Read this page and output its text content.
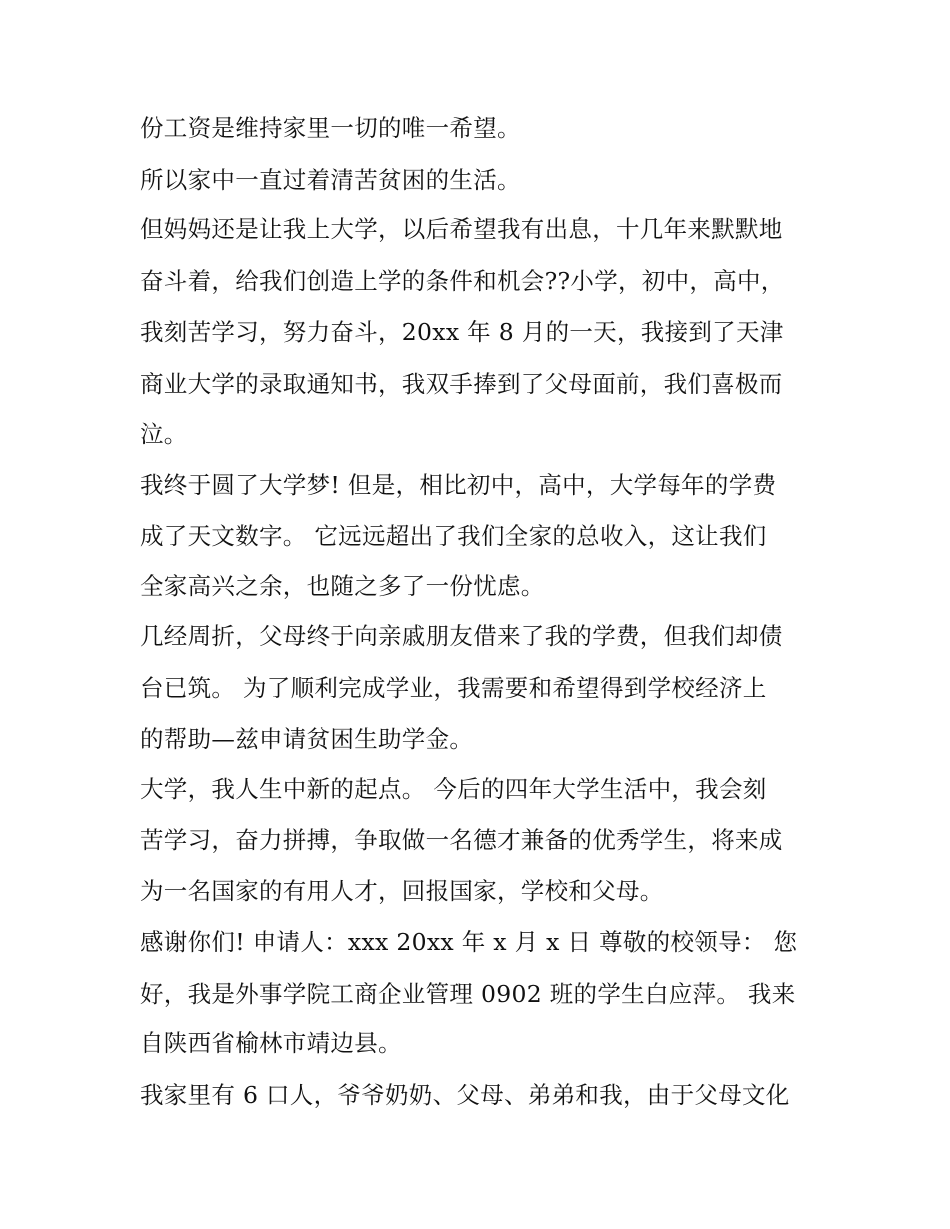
份工资是维持家里一切的唯一希望。
所以家中一直过着清苦贫困的生活。
但妈妈还是让我上大学，以后希望我有出息，十几年来默默地
奋斗着，给我们创造上学的条件和机会??小学，初中，高中，
我刻苦学习，努力奋斗，20xx 年 8 月的一天，我接到了天津
商业大学的录取通知书，我双手捧到了父母面前，我们喜极而
泣。
我终于圆了大学梦! 但是，相比初中，高中，大学每年的学费
成了天文数字。 它远远超出了我们全家的总收入，这让我们
全家高兴之余，也随之多了一份忧虑。
几经周折，父母终于向亲戚朋友借来了我的学费，但我们却债
台已筑。 为了顺利完成学业，我需要和希望得到学校经济上
的帮助—兹申请贫困生助学金。
大学，我人生中新的起点。 今后的四年大学生活中，我会刻
苦学习，奋力拼搏，争取做一名德才兼备的优秀学生，将来成
为一名国家的有用人才，回报国家，学校和父母。
感谢你们! 申请人：xxx 20xx 年 x 月 x 日 尊敬的校领导： 您
好，我是外事学院工商企业管理 0902 班的学生白应萍。 我来
自陕西省榆林市靖边县。
我家里有 6 口人，爷爷奶奶、父母、弟弟和我，由于父母文化
